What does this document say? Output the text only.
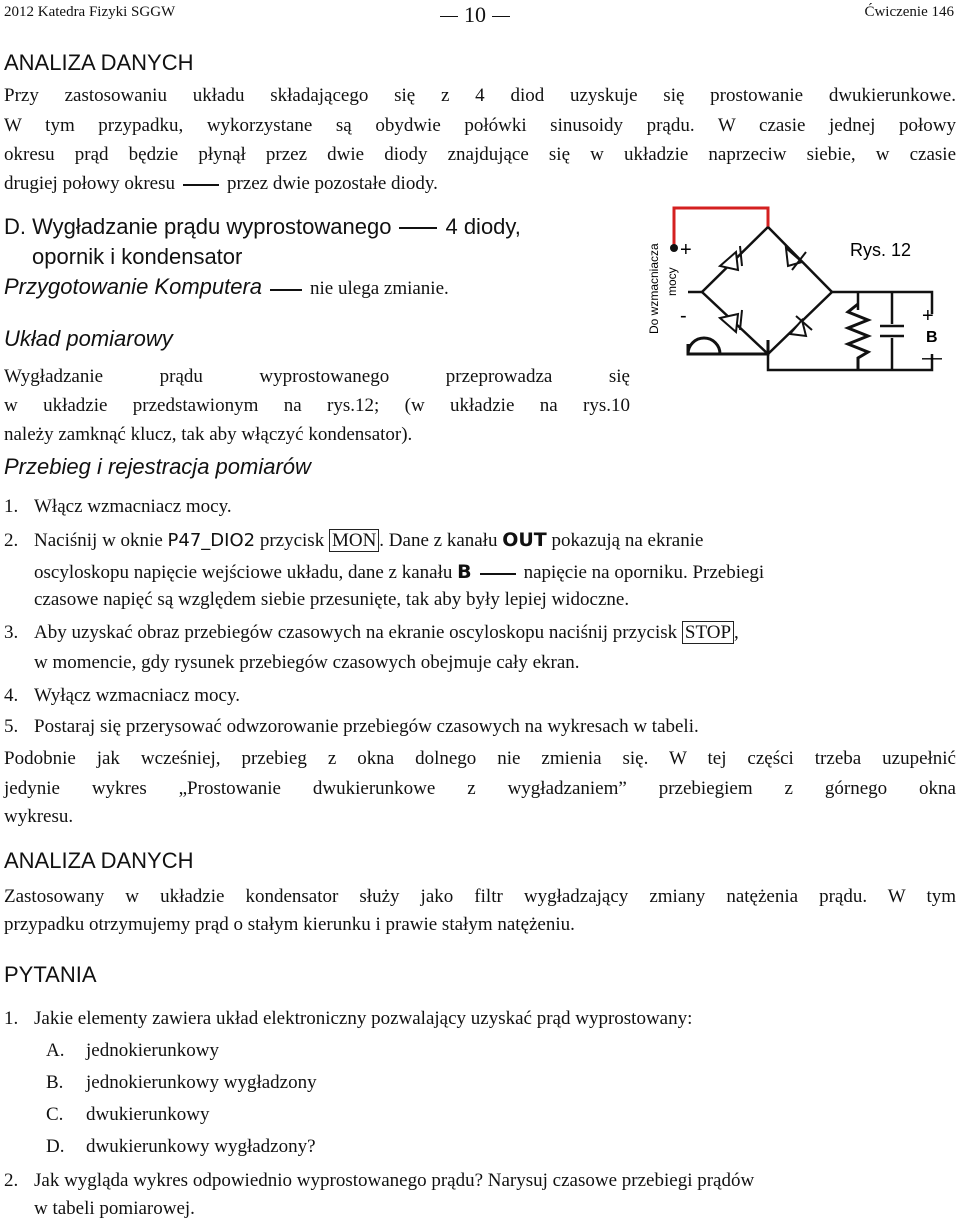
2012 Katedra Fizyki SGGW	10	Ćwiczenie 146
ANALIZA DANYCH
Przy zastosowaniu układu składającego się z 4 diod uzyskuje się prostowanie dwukierunkowe.
W tym przypadku, wykorzystane są obydwie połówki sinusoidy prądu. W czasie jednej połowy
okresu prąd będzie płynął przez dwie diody znajdujące się w układzie naprzeciw siebie, w czasie
drugiej połowy okresu	przez dwie pozostałe diody.
D. Wygładzanie prądu wyprostowanego 4 diody,
opornik i kondensator
Przygotowanie Komputera	nie ulega zmianie.	Do wzmacniacza mocy
+
-
Rys. 12
+
B
—
Układ pomiarowy
Wygładzanie prądu wyprostowanego przeprowadza się
w układzie przedstawionym na rys.12; (w układzie na rys.10
należy zamknąć klucz, tak aby włączyć kondensator).
Przebieg i rejestracja pomiarów
1. Włącz wzmacniacz mocy.
2. Naciśnij w oknie P47_DIO2 przycisk MON . Dane z kanału OUT pokazują na ekranie
oscyloskopu napięcie wejściowe układu, dane z kanału B	napięcie na oporniku. Przebiegi
czasowe napięć są względem siebie przesunięte, tak aby były lepiej widoczne.
3. Aby uzyskać obraz przebiegów czasowych na ekranie oscyloskopu naciśnij przycisk STOP ,
w momencie, gdy rysunek przebiegów czasowych obejmuje cały ekran.
4. Wyłącz wzmacniacz mocy.
5. Postaraj się przerysować odwzorowanie przebiegów czasowych na wykresach w tabeli.
Podobnie jak wcześniej, przebieg z okna dolnego nie zmienia się. W tej części trzeba uzupełnić
jedynie wykres „Prostowanie dwukierunkowe z wygładzaniem” przebiegiem z górnego okna
wykresu.
ANALIZA DANYCH
Zastosowany w układzie kondensator służy jako filtr wygładzający zmiany natężenia prądu. W tym
przypadku otrzymujemy prąd o stałym kierunku i prawie stałym natężeniu.
PYTANIA
1. Jakie elementy zawiera układ elektroniczny pozwalający uzyskać prąd wyprostowany:
A. jednokierunkowy
B. jednokierunkowy wygładzony
C. dwukierunkowy
D. dwukierunkowy wygładzony?
2. Jak wygląda wykres odpowiednio wyprostowanego prądu? Narysuj czasowe przebiegi prądów
w tabeli pomiarowej.
